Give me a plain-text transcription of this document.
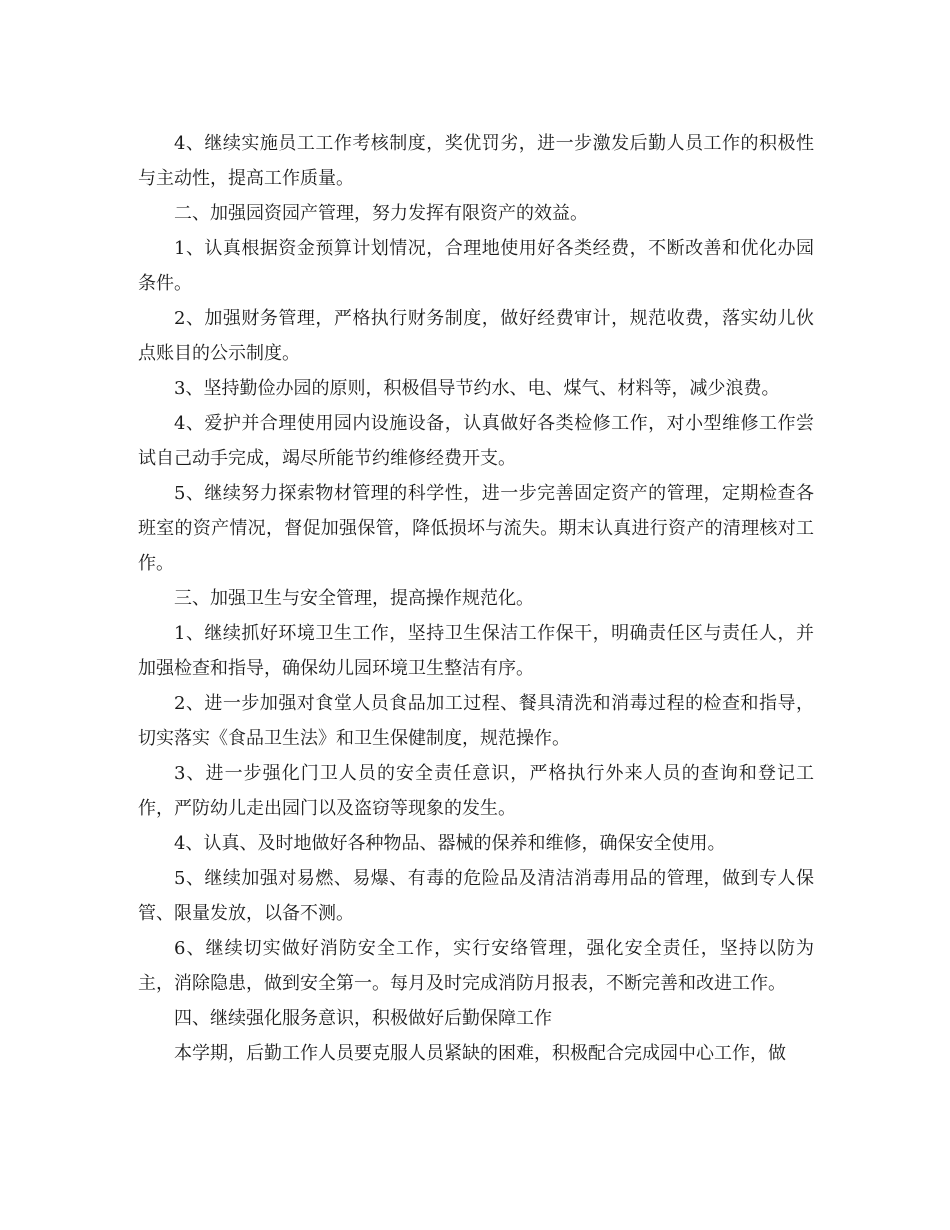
4、继续实施员工工作考核制度，奖优罚劣，进一步激发后勤人员工作的积极性与主动性，提高工作质量。

二、加强园资园产管理，努力发挥有限资产的效益。

1、认真根据资金预算计划情况，合理地使用好各类经费，不断改善和优化办园条件。

2、加强财务管理，严格执行财务制度，做好经费审计，规范收费，落实幼儿伙点账目的公示制度。

3、坚持勤俭办园的原则，积极倡导节约水、电、煤气、材料等，减少浪费。

4、爱护并合理使用园内设施设备，认真做好各类检修工作，对小型维修工作尝试自己动手完成，竭尽所能节约维修经费开支。

5、继续努力探索物材管理的科学性，进一步完善固定资产的管理，定期检查各班室的资产情况，督促加强保管，降低损坏与流失。期末认真进行资产的清理核对工作。

三、加强卫生与安全管理，提高操作规范化。

1、继续抓好环境卫生工作，坚持卫生保洁工作保干，明确责任区与责任人，并加强检查和指导，确保幼儿园环境卫生整洁有序。

2、进一步加强对食堂人员食品加工过程、餐具清洗和消毒过程的检查和指导，切实落实《食品卫生法》和卫生保健制度，规范操作。

3、进一步强化门卫人员的安全责任意识，严格执行外来人员的查询和登记工作，严防幼儿走出园门以及盗窃等现象的发生。

4、认真、及时地做好各种物品、器械的保养和维修，确保安全使用。

5、继续加强对易燃、易爆、有毒的危险品及清洁消毒用品的管理，做到专人保管、限量发放，以备不测。

6、继续切实做好消防安全工作，实行安络管理，强化安全责任，坚持以防为主，消除隐患，做到安全第一。每月及时完成消防月报表，不断完善和改进工作。

四、继续强化服务意识，积极做好后勤保障工作

本学期，后勤工作人员要克服人员紧缺的困难，积极配合完成园中心工作，做
